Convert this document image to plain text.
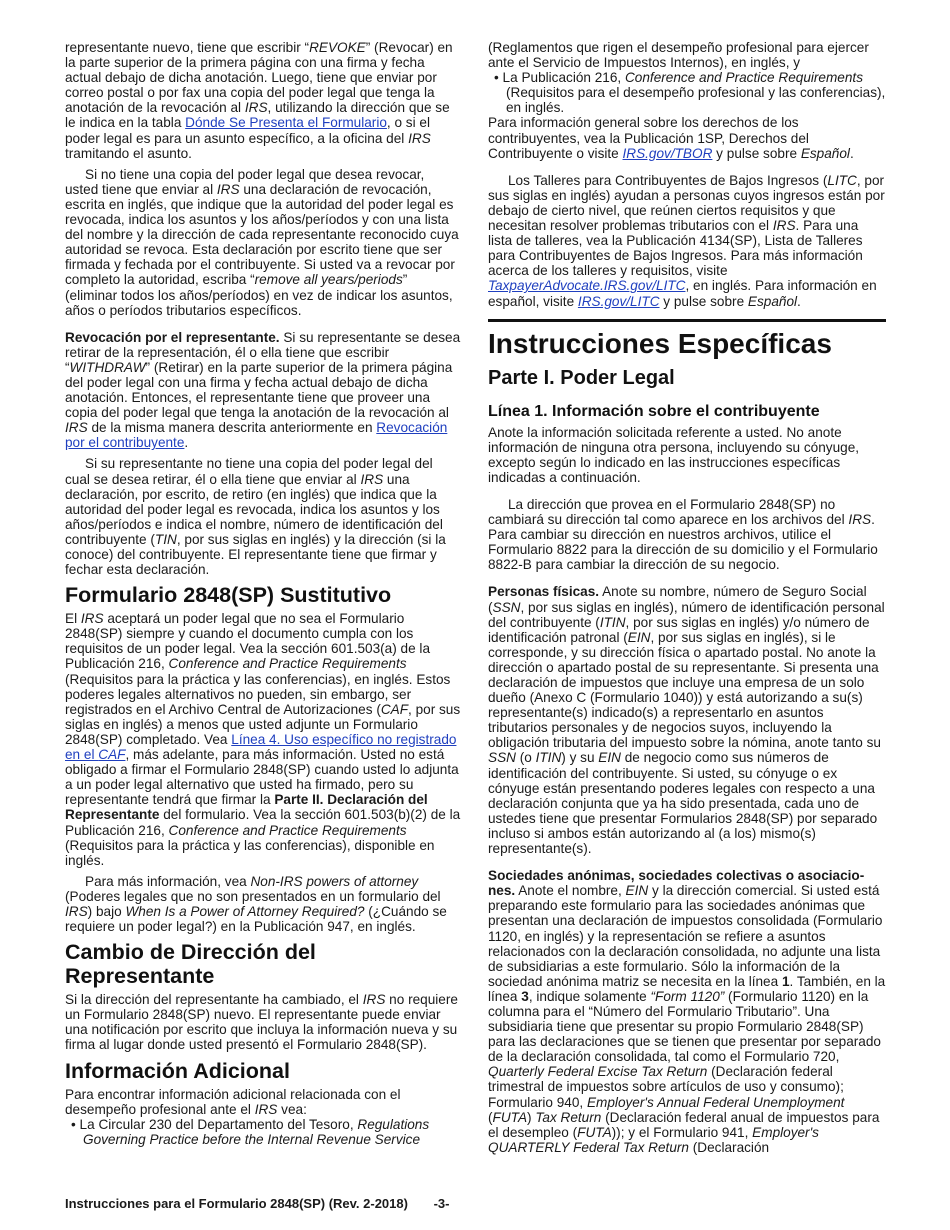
representante nuevo, tiene que escribir “REVOKE” (Revocar) en la parte superior de la primera página con una firma y fecha actual debajo de dicha anotación. Luego, tiene que enviar por correo postal o por fax una copia del poder legal que tenga la anotación de la revocación al IRS, utilizando la dirección que se le indica en la tabla Dónde Se Presenta el Formulario, o si el poder legal es para un asunto específico, a la oficina del IRS tramitando el asunto.

Si no tiene una copia del poder legal que desea revocar, usted tiene que enviar al IRS una declaración de revocación, escrita en inglés, que indique que la autoridad del poder legal es revocada, indica los asuntos y los años/períodos y con una lista del nombre y la dirección de cada representante reconocido cuya autoridad se revoca. Esta declaración por escrito tiene que ser firmada y fechada por el contribuyente. Si usted va a revocar por completo la autoridad, escriba “remove all years/periods” (eliminar todos los años/períodos) en vez de indicar los asuntos, años o períodos tributarios específicos.

Revocación por el representante. Si su representante se desea retirar de la representación, él o ella tiene que escribir “WITHDRAW” (Retirar) en la parte superior de la primera página del poder legal con una firma y fecha actual debajo de dicha anotación. Entonces, el representante tiene que proveer una copia del poder legal que tenga la anotación de la revocación al IRS de la misma manera descrita anteriormente en Revocación por el contribuyente.

Si su representante no tiene una copia del poder legal del cual se desea retirar, él o ella tiene que enviar al IRS una declaración, por escrito, de retiro (en inglés) que indica que la autoridad del poder legal es revocada, indica los asuntos y los años/períodos e indica el nombre, número de identificación del contribuyente (TIN, por sus siglas en inglés) y la dirección (si la conoce) del contribuyente. El representante tiene que firmar y fechar esta declaración.

Formulario 2848(SP) Sustitutivo

El IRS aceptará un poder legal que no sea el Formulario 2848(SP) siempre y cuando el documento cumpla con los requisitos de un poder legal. Vea la sección 601.503(a) de la Publicación 216, Conference and Practice Requirements (Requisitos para la práctica y las conferencias), en inglés. Estos poderes legales alternativos no pueden, sin embargo, ser registrados en el Archivo Central de Autorizaciones (CAF, por sus siglas en inglés) a menos que usted adjunte un Formulario 2848(SP) completado. Vea Línea 4. Uso específico no registrado en el CAF, más adelante, para más información. Usted no está obligado a firmar el Formulario 2848(SP) cuando usted lo adjunta a un poder legal alternativo que usted ha firmado, pero su representante tendrá que firmar la Parte II. Declaración del Representante del formulario. Vea la sección 601.503(b)(2) de la Publicación 216, Conference and Practice Requirements (Requisitos para la práctica y las conferencias), disponible en inglés.

Para más información, vea Non-IRS powers of attorney (Poderes legales que no son presentados en un formulario del IRS) bajo When Is a Power of Attorney Required? (¿Cuándo se requiere un poder legal?) en la Publicación 947, en inglés.

Cambio de Dirección del Representante

Si la dirección del representante ha cambiado, el IRS no requiere un Formulario 2848(SP) nuevo. El representante puede enviar una notificación por escrito que incluya la información nueva y su firma al lugar donde usted presentó el Formulario 2848(SP).

Información Adicional

Para encontrar información adicional relacionada con el desempeño profesional ante el IRS vea:

• La Circular 230 del Departamento del Tesoro, Regulations Governing Practice before the Internal Revenue Service

(Reglamentos que rigen el desempeño profesional para ejercer ante el Servicio de Impuestos Internos), en inglés, y

• La Publicación 216, Conference and Practice Requirements (Requisitos para el desempeño profesional y las conferencias), en inglés.

Para información general sobre los derechos de los contribuyentes, vea la Publicación 1SP, Derechos del Contribuyente o visite IRS.gov/TBOR y pulse sobre Español.

Los Talleres para Contribuyentes de Bajos Ingresos (LITC, por sus siglas en inglés) ayudan a personas cuyos ingresos están por debajo de cierto nivel, que reúnen ciertos requisitos y que necesitan resolver problemas tributarios con el IRS. Para una lista de talleres, vea la Publicación 4134(SP), Lista de Talleres para Contribuyentes de Bajos Ingresos. Para más información acerca de los talleres y requisitos, visite TaxpayerAdvocate.IRS.gov/LITC, en inglés. Para información en español, visite IRS.gov/LITC y pulse sobre Español.

Instrucciones Específicas
Parte I. Poder Legal
Línea 1. Información sobre el contribuyente

Anote la información solicitada referente a usted. No anote información de ninguna otra persona, incluyendo su cónyuge, excepto según lo indicado en las instrucciones específicas indicadas a continuación.

La dirección que provea en el Formulario 2848(SP) no cambiará su dirección tal como aparece en los archivos del IRS. Para cambiar su dirección en nuestros archivos, utilice el Formulario 8822 para la dirección de su domicilio y el Formulario 8822-B para cambiar la dirección de su negocio.

Personas físicas. Anote su nombre, número de Seguro Social (SSN, por sus siglas en inglés), número de identificación personal del contribuyente (ITIN, por sus siglas en inglés) y/o número de identificación patronal (EIN, por sus siglas en inglés), si le corresponde, y su dirección física o apartado postal. No anote la dirección o apartado postal de su representante. Si presenta una declaración de impuestos que incluye una empresa de un solo dueño (Anexo C (Formulario 1040)) y está autorizando a su(s) representante(s) indicado(s) a representarlo en asuntos tributarios personales y de negocios suyos, incluyendo la obligación tributaria del impuesto sobre la nómina, anote tanto su SSN (o ITIN) y su EIN de negocio como sus números de identificación del contribuyente. Si usted, su cónyuge o ex cónyuge están presentando poderes legales con respecto a una declaración conjunta que ya ha sido presentada, cada uno de ustedes tiene que presentar Formularios 2848(SP) por separado incluso si ambos están autorizando al (a los) mismo(s) representante(s).

Sociedades anónimas, sociedades colectivas o asociacio- nes. Anote el nombre, EIN y la dirección comercial. Si usted está preparando este formulario para las sociedades anónimas que presentan una declaración de impuestos consolidada (Formulario 1120, en inglés) y la representación se refiere a asuntos relacionados con la declaración consolidada, no adjunte una lista de subsidiarias a este formulario. Sólo la información de la sociedad anónima matriz se necesita en la línea 1. También, en la línea 3, indique solamente “Form 1120” (Formulario 1120) en la columna para el “Número del Formulario Tributario”. Una subsidiaria tiene que presentar su propio Formulario 2848(SP) para las declaraciones que se tienen que presentar por separado de la declaración consolidada, tal como el Formulario 720, Quarterly Federal Excise Tax Return (Declaración federal trimestral de impuestos sobre artículos de uso y consumo); Formulario 940, Employer's Annual Federal Unemployment (FUTA) Tax Return (Declaración federal anual de impuestos para el desempleo (FUTA)); y el Formulario 941, Employer's QUARTERLY Federal Tax Return (Declaración

Instrucciones para el Formulario 2848(SP) (Rev. 2-2018) -3-
